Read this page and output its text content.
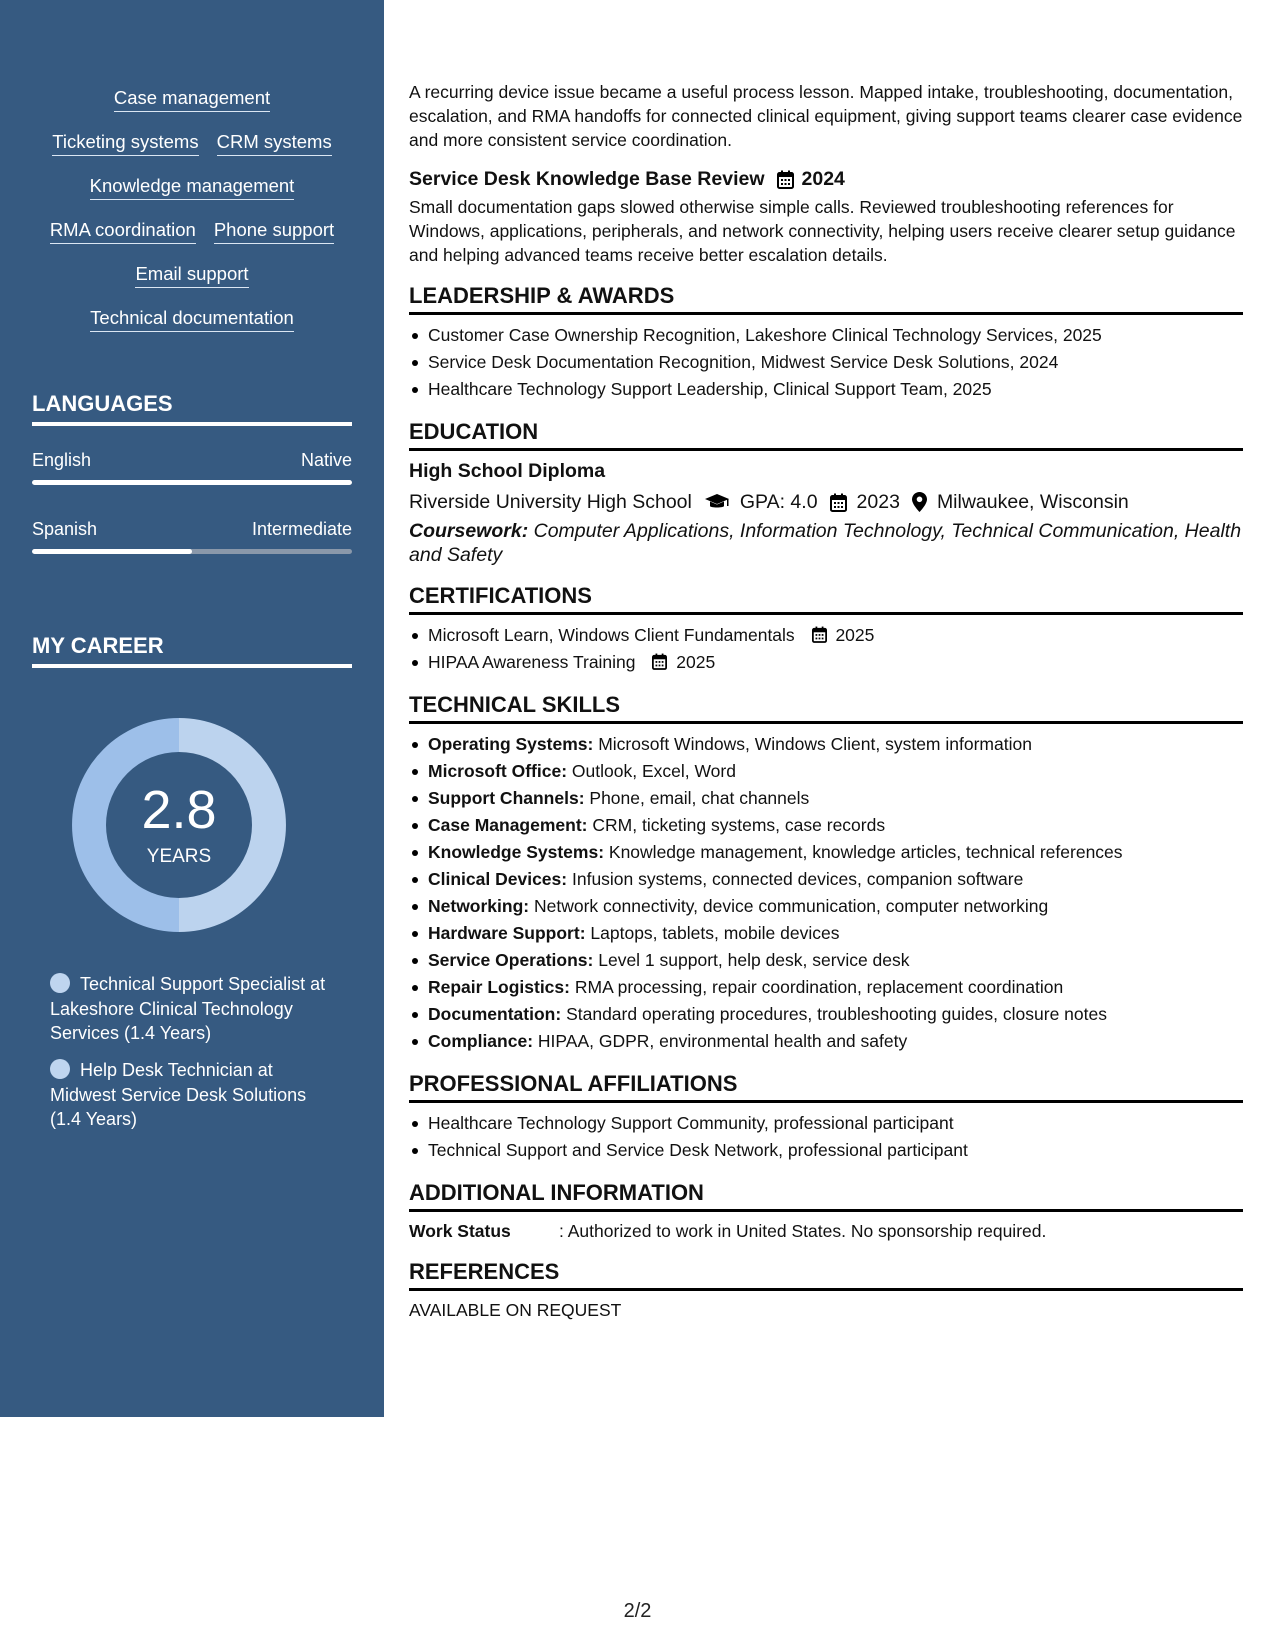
Case management
Ticketing systems CRM systems
Knowledge management
RMA coordination Phone support
Email support
Technical documentation
LANGUAGES
English	Native
Spanish	Intermediate
MY CAREER
2.8
YEARS
Technical Support Specialist at Lakeshore Clinical Technology Services (1.4 Years)
Help Desk Technician at Midwest Service Desk Solutions (1.4 Years)

A recurring device issue became a useful process lesson. Mapped intake, troubleshooting, documentation, escalation, and RMA handoffs for connected clinical equipment, giving support teams clearer case evidence and more consistent service coordination.

Service Desk Knowledge Base Review 2024

Small documentation gaps slowed otherwise simple calls. Reviewed troubleshooting references for Windows, applications, peripherals, and network connectivity, helping users receive clearer setup guidance and helping advanced teams receive better escalation details.

LEADERSHIP & AWARDS
Customer Case Ownership Recognition, Lakeshore Clinical Technology Services, 2025
Service Desk Documentation Recognition, Midwest Service Desk Solutions, 2024
Healthcare Technology Support Leadership, Clinical Support Team, 2025
EDUCATION
High School Diploma
Riverside University High School GPA: 4.0 2023 Milwaukee, Wisconsin
Coursework: Computer Applications, Information Technology, Technical Communication, Health and Safety
CERTIFICATIONS
Microsoft Learn, Windows Client Fundamentals 2025
HIPAA Awareness Training 2025
TECHNICAL SKILLS
Operating Systems: Microsoft Windows, Windows Client, system information
Microsoft Office: Outlook, Excel, Word
Support Channels: Phone, email, chat channels
Case Management: CRM, ticketing systems, case records
Knowledge Systems: Knowledge management, knowledge articles, technical references
Clinical Devices: Infusion systems, connected devices, companion software
Networking: Network connectivity, device communication, computer networking
Hardware Support: Laptops, tablets, mobile devices
Service Operations: Level 1 support, help desk, service desk
Repair Logistics: RMA processing, repair coordination, replacement coordination
Documentation: Standard operating procedures, troubleshooting guides, closure notes
Compliance: HIPAA, GDPR, environmental health and safety
PROFESSIONAL AFFILIATIONS
Healthcare Technology Support Community, professional participant
Technical Support and Service Desk Network, professional participant
ADDITIONAL INFORMATION
Work Status	: Authorized to work in United States. No sponsorship required.
REFERENCES
AVAILABLE ON REQUEST
2/2
